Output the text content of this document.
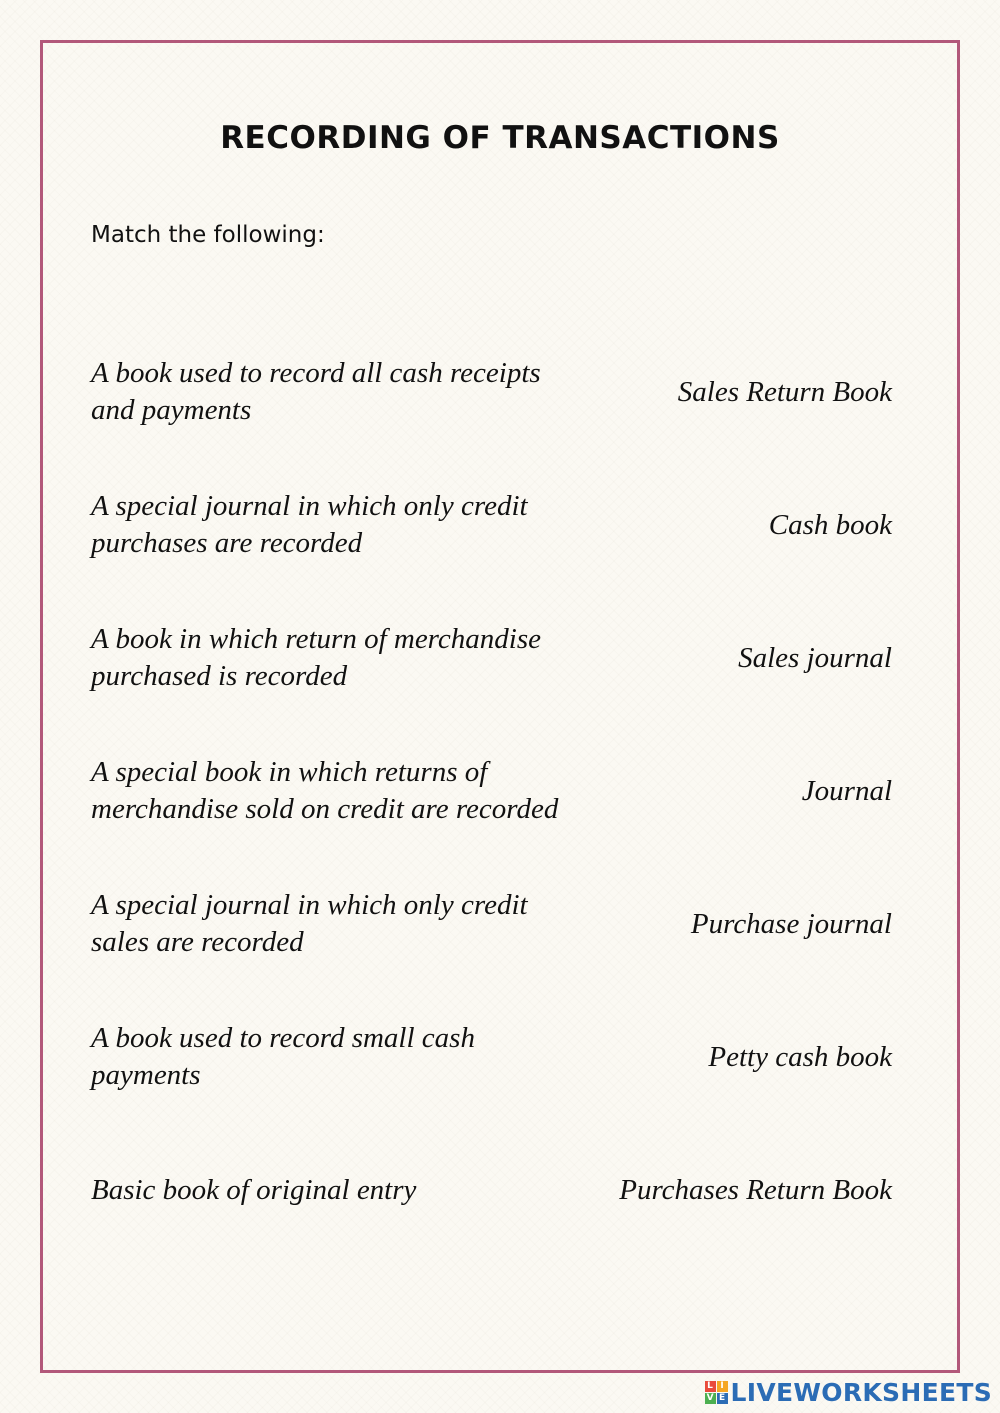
RECORDING OF TRANSACTIONS

Match the following:

A book used to record all cash receipts and payments
Sales Return Book
A special journal in which only credit purchases are recorded
Cash book
A book in which return of merchandise purchased is recorded
Sales journal
A special book in which returns of merchandise sold on credit are recorded
Journal
A special journal in which only credit sales are recorded
Purchase journal
A book used to record small cash payments
Petty cash book
Basic book of original entry	Purchases Return Book
L I
V E LIVEWORKSHEETS
